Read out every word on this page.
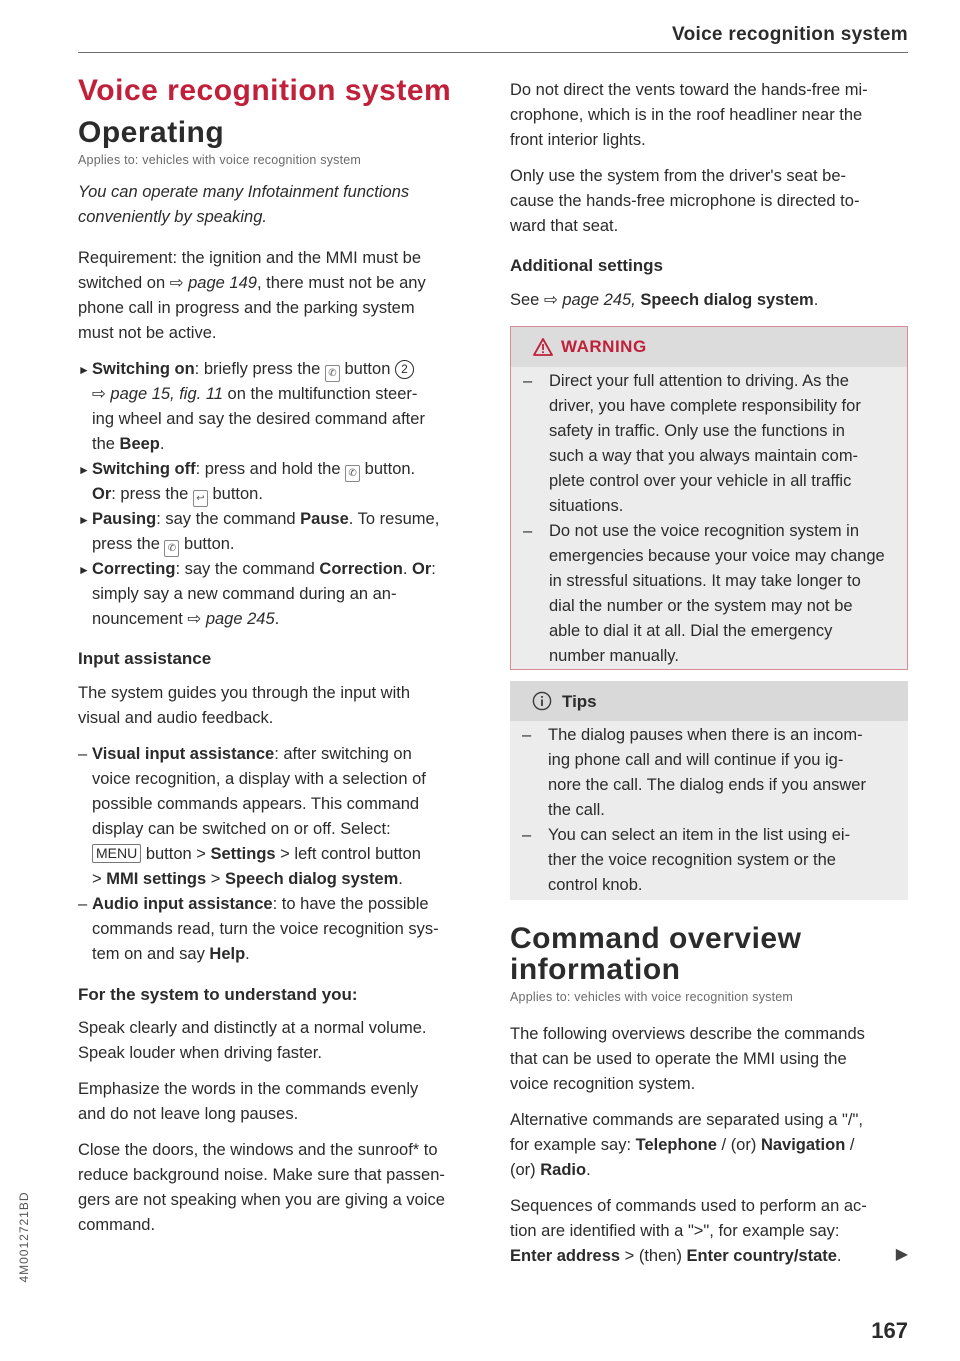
Voice recognition system
Voice recognition system
Operating
Applies to: vehicles with voice recognition system
You can operate many Infotainment functions
conveniently by speaking.
Requirement: the ignition and the MMI must be
switched on ⇨ page 149, there must not be any
phone call in progress and the parking system
must not be active.
► Switching on: briefly press the ✆ button 2
⇨ page 15, fig. 11 on the multifunction steer-
ing wheel and say the desired command after
the Beep.
► Switching off: press and hold the ✆ button.
Or: press the ↩ button.
► Pausing: say the command Pause. To resume,
press the ✆ button.
► Correcting: say the command Correction. Or:
simply say a new command during an an-
nouncement ⇨ page 245.
Input assistance
The system guides you through the input with
visual and audio feedback.
– Visual input assistance: after switching on
voice recognition, a display with a selection of
possible commands appears. This command
display can be switched on or off. Select:
MENU button > Settings > left control button
> MMI settings > Speech dialog system.
– Audio input assistance: to have the possible
commands read, turn the voice recognition sys-
tem on and say Help.
For the system to understand you:
Speak clearly and distinctly at a normal volume.
Speak louder when driving faster.
Emphasize the words in the commands evenly
and do not leave long pauses.
Close the doors, the windows and the sunroof* to
reduce background noise. Make sure that passen-
gers are not speaking when you are giving a voice
command.
Do not direct the vents toward the hands-free mi-
crophone, which is in the roof headliner near the
front interior lights.
Only use the system from the driver's seat be-
cause the hands-free microphone is directed to-
ward that seat.
Additional settings
See ⇨ page 245, Speech dialog system.
WARNING
–	Direct your full attention to driving. As the
driver, you have complete responsibility for
safety in traffic. Only use the functions in
such a way that you always maintain com-
plete control over your vehicle in all traffic
situations.
–	Do not use the voice recognition system in
emergencies because your voice may change
in stressful situations. It may take longer to
dial the number or the system may not be
able to dial it at all. Dial the emergency
number manually.
Tips
–	The dialog pauses when there is an incom-
ing phone call and will continue if you ig-
nore the call. The dialog ends if you answer
the call.
–	You can select an item in the list using ei-
ther the voice recognition system or the
control knob.
Command overview
information
Applies to: vehicles with voice recognition system
The following overviews describe the commands
that can be used to operate the MMI using the
voice recognition system.
Alternative commands are separated using a "/",
for example say: Telephone / (or) Navigation /
(or) Radio.
Sequences of commands used to perform an ac-
tion are identified with a ">", for example say:
Enter address > (then) Enter country/state.	▶
167
4M0012721BD
